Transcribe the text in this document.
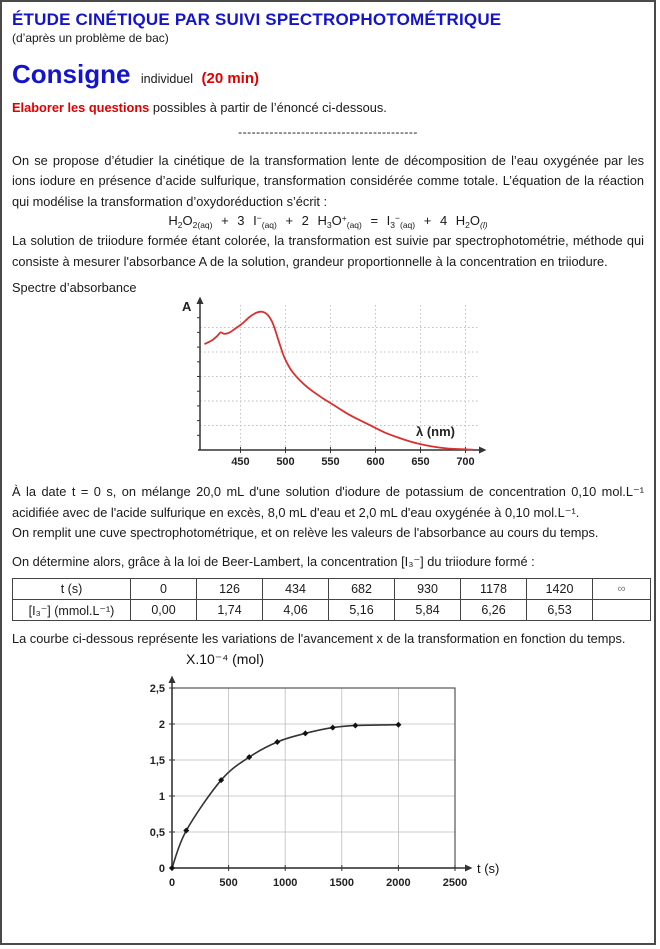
ÉTUDE CINÉTIQUE PAR SUIVI SPECTROPHOTOMÉTRIQUE
(d’après un problème de bac)
Consigne individuel (20 min)
Elaborer les questions possibles à partir de l’énoncé ci-dessous.
----------------------------------------

On se propose d’étudier la cinétique de la transformation lente de décomposition de l’eau oxygénée par les ions iodure en présence d’acide sulfurique, transformation considérée comme totale. L’équation de la réaction qui modélise la transformation d’oxydoréduction s’écrit :

$H_2O_{2(aq)} + 3$ $I^-_{(aq)} + 2$ $H_3O^+_{(aq)} = I_3^-_{(aq)} + 4$ $H_2O_{(l)}$

La solution de triiodure formée étant colorée, la transformation est suivie par spectrophotométrie, méthode qui consiste à mesurer l'absorbance A de la solution, grandeur proportionnelle à la concentration en triiodure.

Spectre d’absorbance

450 500 550 600 650 700
A
λ (nm)

À la date t = 0 s, on mélange 20,0 mL d'une solution d'iodure de potassium de concentration 0,10 mol.L⁻¹ acidifiée avec de l'acide sulfurique en excès, 8,0 mL d'eau et 2,0 mL d'eau oxygénée à 0,10 mol.L⁻¹.

On remplit une cuve spectrophotométrique, et on relève les valeurs de l'absorbance au cours du temps.

On détermine alors, grâce à la loi de Beer-Lambert, la concentration [I₃⁻] du triiodure formé :

t (s)	0	126	434	682	930	1178	1420	∞
[I₃⁻] (mmol.L⁻¹)	0,00	1,74	4,06	5,16	5,84	6,26	6,53	

La courbe ci-dessous représente les variations de l'avancement x de la transformation en fonction du temps.

0
0,5
1
1,5
2
2,5
0	500	1000	1500	2000	2500
X.10⁻⁴ (mol)
t (s)
